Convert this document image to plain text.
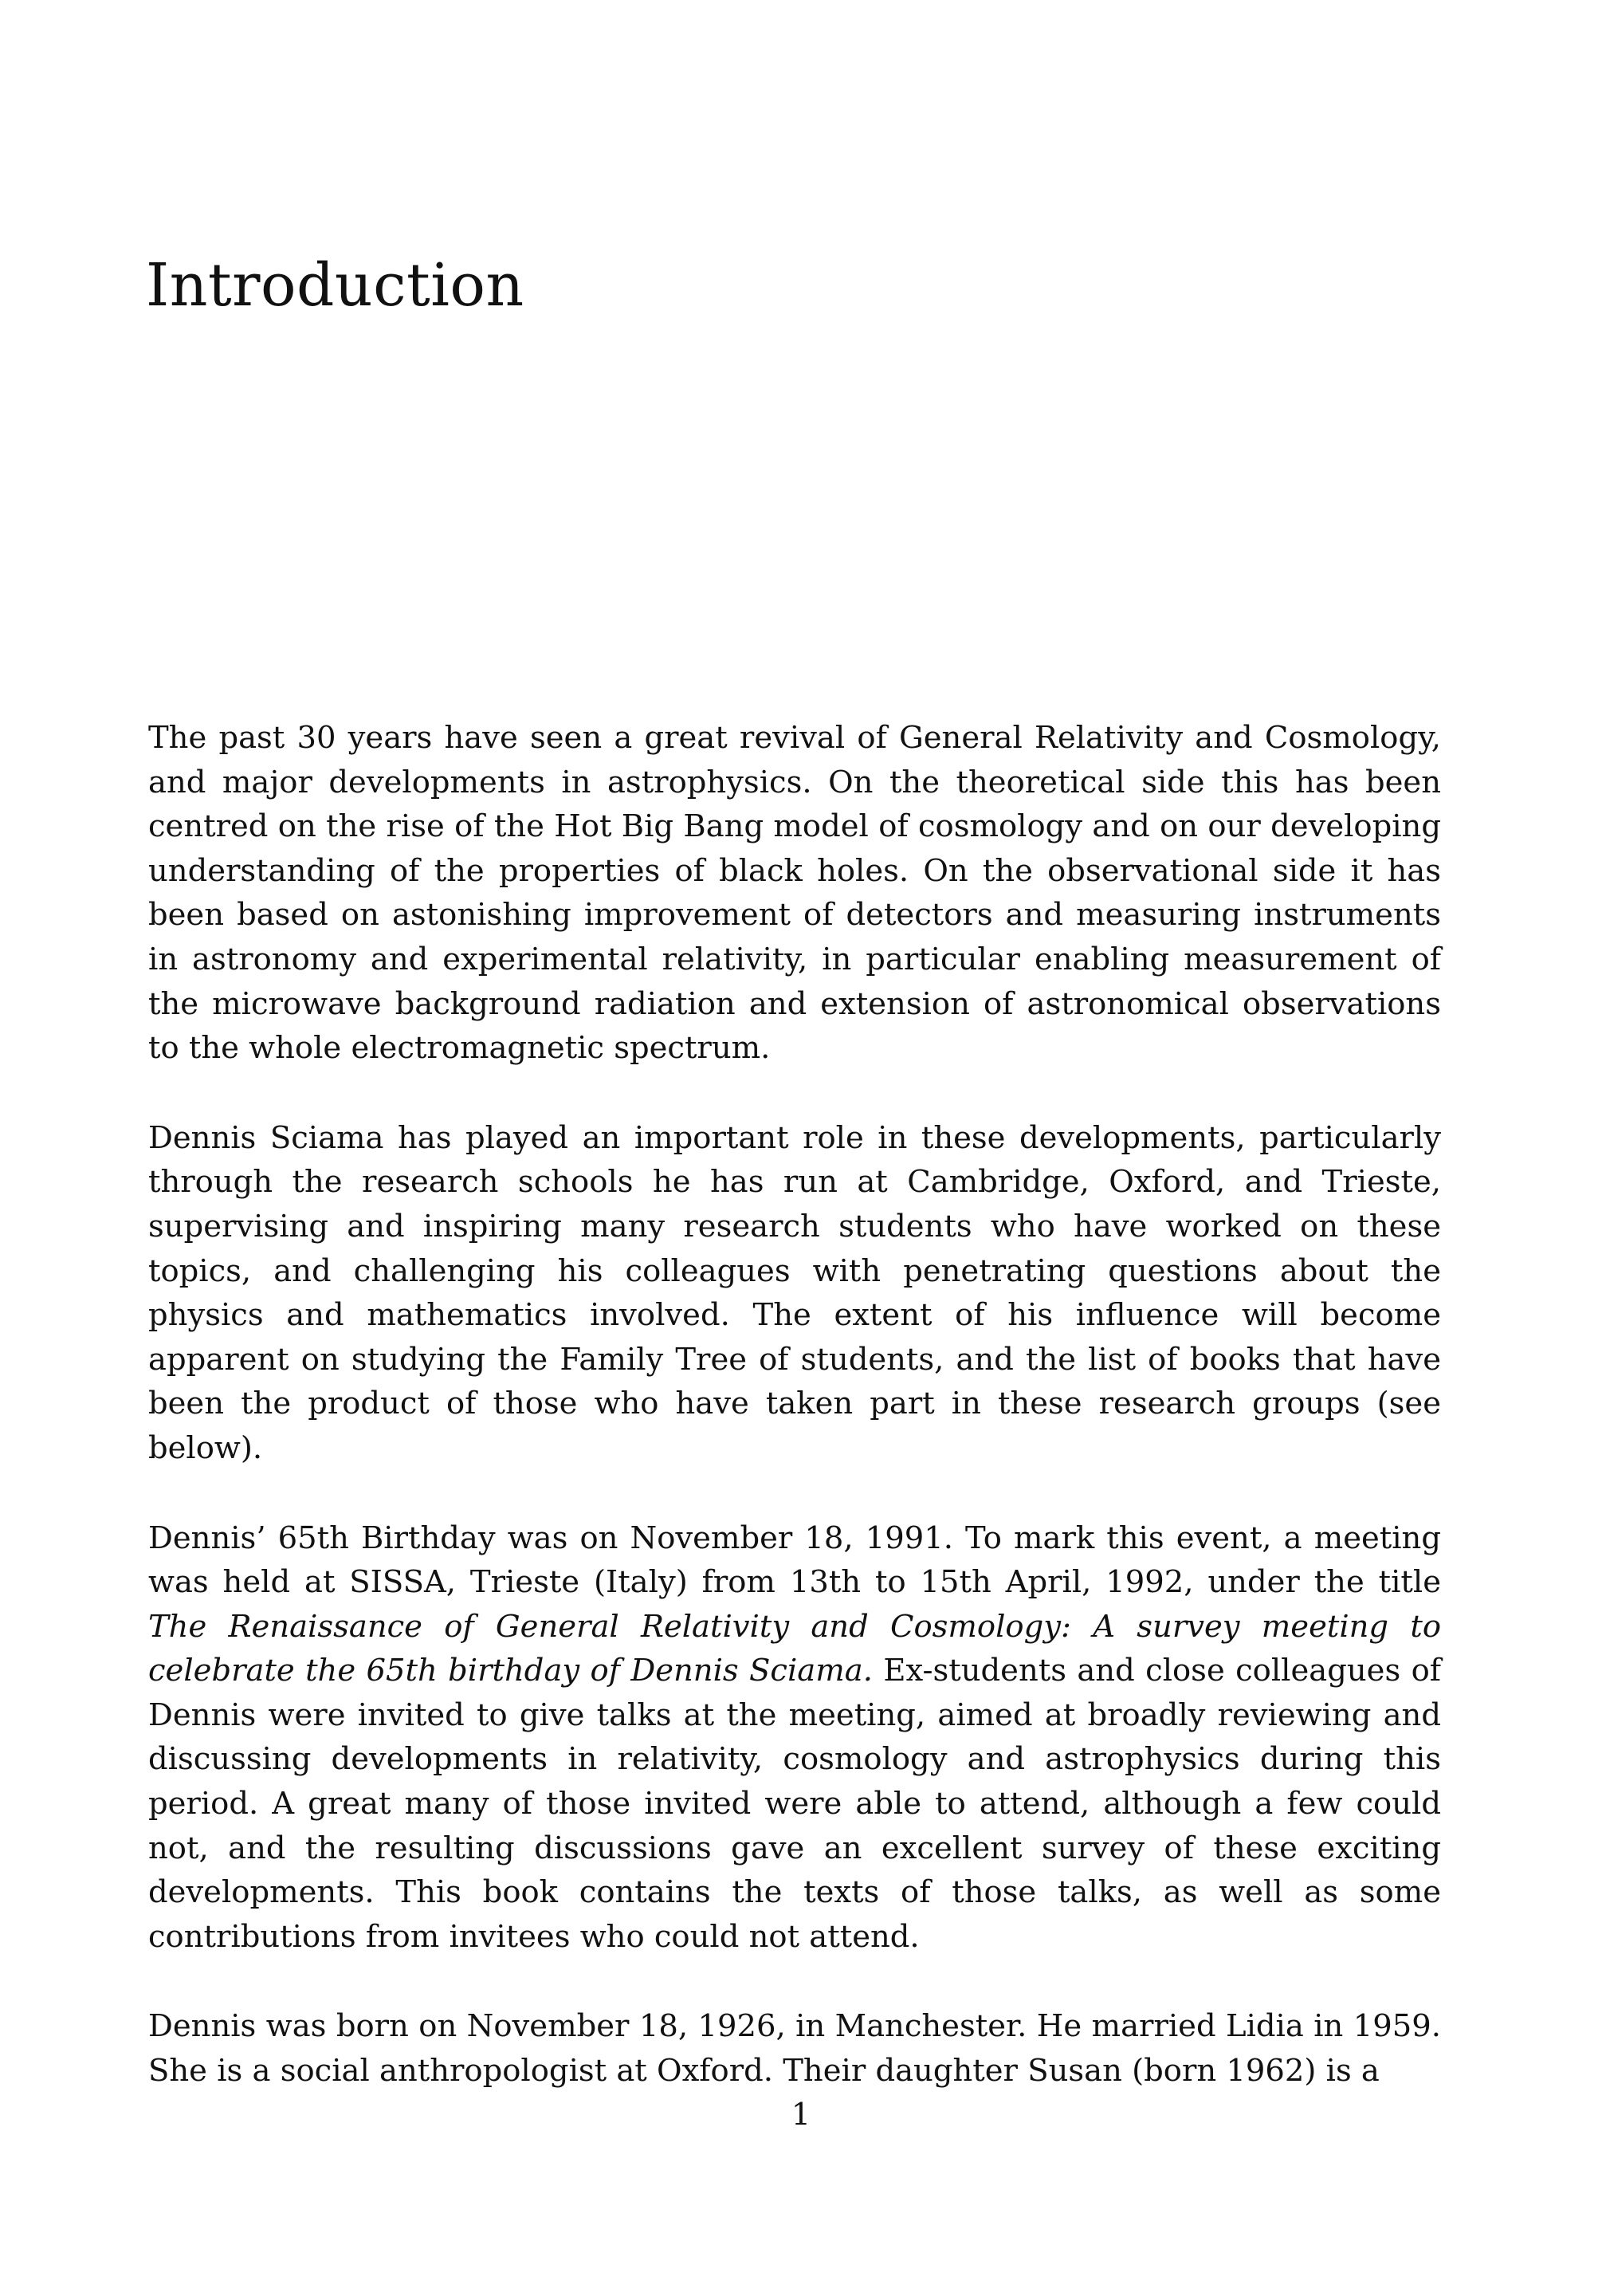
Introduction

The past 30 years have seen a great revival of General Relativity and Cosmology, and major developments in astrophysics. On the theoretical side this has been centred on the rise of the Hot Big Bang model of cosmology and on our developing understanding of the properties of black holes. On the observational side it has been based on astonishing improvement of detectors and measuring instruments in astronomy and experimental relativity, in particular enabling measurement of the microwave background radiation and extension of astronomical observations to the whole electromagnetic spectrum.

Dennis Sciama has played an important role in these developments, particularly through the research schools he has run at Cambridge, Oxford, and Trieste, supervising and inspiring many research students who have worked on these topics, and challenging his colleagues with penetrating questions about the physics and mathematics involved. The extent of his influence will become apparent on studying the Family Tree of students, and the list of books that have been the product of those who have taken part in these research groups (see below).

Dennis’ 65th Birthday was on November 18, 1991. To mark this event, a meeting was held at SISSA, Trieste (Italy) from 13th to 15th April, 1992, under the title The Renaissance of General Relativity and Cosmology: A survey meeting to celebrate the 65th birthday of Dennis Sciama. Ex-students and close colleagues of Dennis were invited to give talks at the meeting, aimed at broadly reviewing and discussing developments in relativity, cosmology and astrophysics during this period. A great many of those invited were able to attend, although a few could not, and the resulting discussions gave an excellent survey of these exciting developments. This book contains the texts of those talks, as well as some contributions from invitees who could not attend.

Dennis was born on November 18, 1926, in Manchester. He married Lidia in 1959. She is a social anthropologist at Oxford. Their daughter Susan (born 1962) is a

1
